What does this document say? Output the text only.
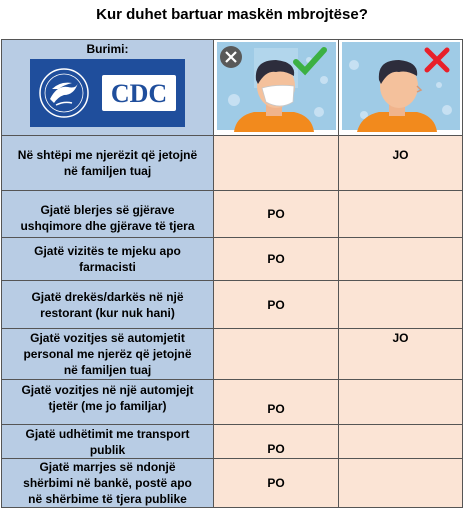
Kur duhet bartuar maskën mbrojtëse?
Burimi:
CDC

Në shtëpi me njerëzit që jetojnë
në familjen tuaj		JO

Gjatë blerjes së gjërave
ushqimore dhe gjërave të tjera	PO	

Gjatë vizitës te mjeku apo
farmacisti	PO	

Gjatë drekës/darkës në një
restorant (kur nuk hani)	PO	

Gjatë vozitjes së automjetit
personal me njerëz që jetojnë
në familjen tuaj		JO

Gjatë vozitjes në një automjejt
tjetër (me jo familjar)	PO	

Gjatë udhëtimit me transport
publik	PO	

Gjatë marrjes së ndonjë
shërbimi në bankë, postë apo
në shërbime të tjera publike	PO	
